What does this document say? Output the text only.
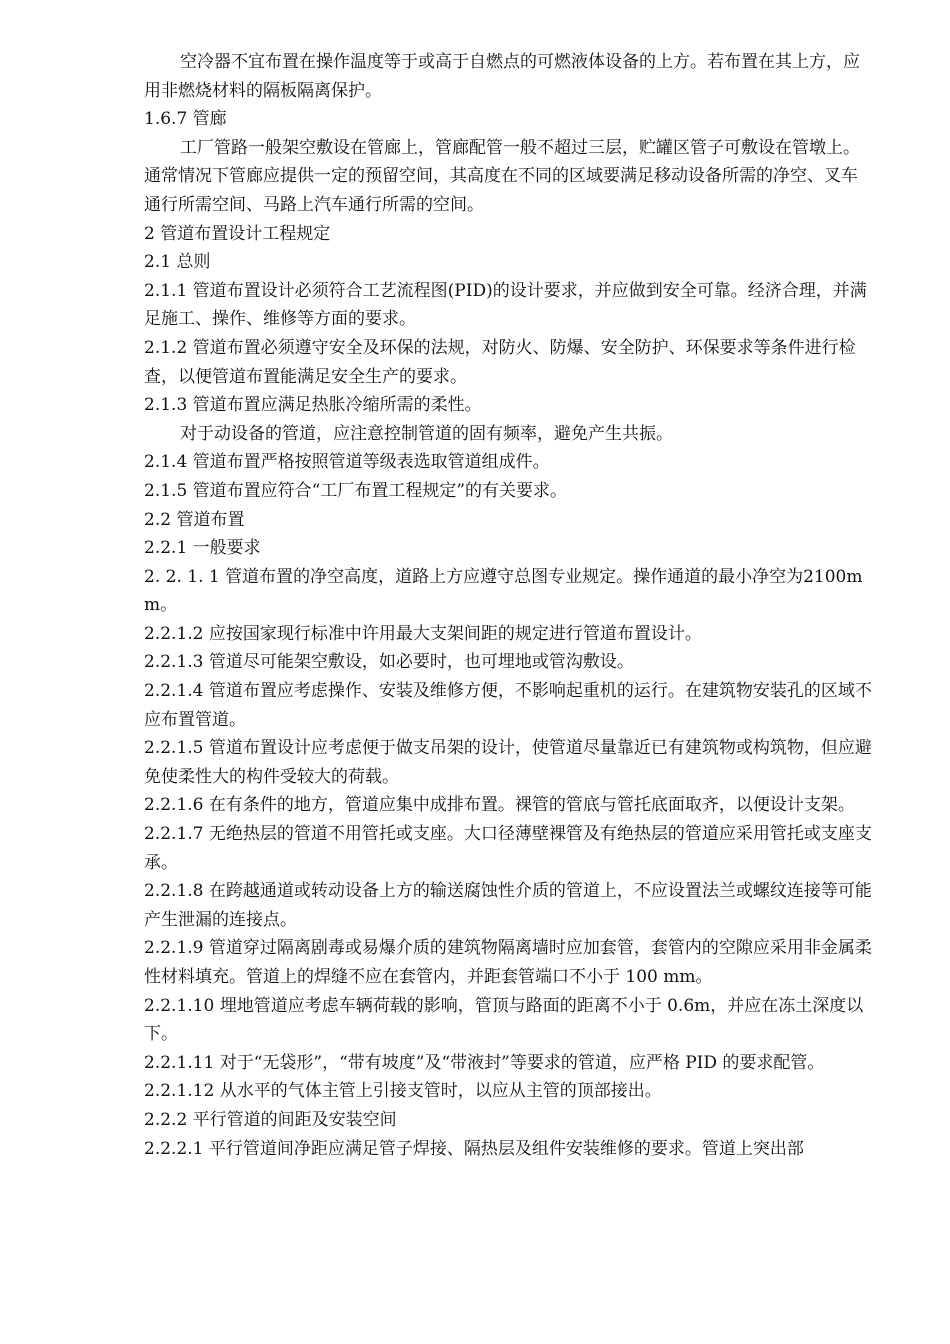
空冷器不宜布置在操作温度等于或高于自燃点的可燃液体设备的上方。若布置在其上方，应用非燃烧材料的隔板隔离保护。

1.6.7 管廊

工厂管路一般架空敷设在管廊上，管廊配管一般不超过三层，贮罐区管子可敷设在管墩上。通常情况下管廊应提供一定的预留空间，其高度在不同的区域要满足移动设备所需的净空、叉车通行所需空间、马路上汽车通行所需的空间。

2 管道布置设计工程规定

2.1 总则

2.1.1 管道布置设计必须符合工艺流程图(PID)的设计要求，并应做到安全可靠。经济合理，并满足施工、操作、维修等方面的要求。

2.1.2 管道布置必须遵守安全及环保的法规，对防火、防爆、安全防护、环保要求等条件进行检查，以便管道布置能满足安全生产的要求。

2.1.3 管道布置应满足热胀冷缩所需的柔性。

对于动设备的管道，应注意控制管道的固有频率，避免产生共振。

2.1.4 管道布置严格按照管道等级表选取管道组成件。

2.1.5 管道布置应符合“工厂布置工程规定”的有关要求。

2.2 管道布置

2.2.1 一般要求

2. 2. 1. 1 管道布置的净空高度，道路上方应遵守总图专业规定。操作通道的最小净空为2100mm。

2.2.1.2 应按国家现行标准中许用最大支架间距的规定进行管道布置设计。

2.2.1.3 管道尽可能架空敷设，如必要时，也可埋地或管沟敷设。

2.2.1.4 管道布置应考虑操作、安装及维修方便，不影响起重机的运行。在建筑物安装孔的区域不应布置管道。

2.2.1.5 管道布置设计应考虑便于做支吊架的设计，使管道尽量靠近已有建筑物或构筑物，但应避免使柔性大的构件受较大的荷载。

2.2.1.6 在有条件的地方，管道应集中成排布置。裸管的管底与管托底面取齐，以便设计支架。

2.2.1.7 无绝热层的管道不用管托或支座。大口径薄壁裸管及有绝热层的管道应采用管托或支座支承。

2.2.1.8 在跨越通道或转动设备上方的输送腐蚀性介质的管道上，不应设置法兰或螺纹连接等可能产生泄漏的连接点。

2.2.1.9 管道穿过隔离剧毒或易爆介质的建筑物隔离墙时应加套管，套管内的空隙应采用非金属柔性材料填充。管道上的焊缝不应在套管内，并距套管端口不小于 100 mm。

2.2.1.10 埋地管道应考虑车辆荷载的影响，管顶与路面的距离不小于 0.6m，并应在冻土深度以下。

2.2.1.11 对于“无袋形”，“带有坡度”及“带液封”等要求的管道，应严格 PID 的要求配管。

2.2.1.12 从水平的气体主管上引接支管时，以应从主管的顶部接出。

2.2.2 平行管道的间距及安装空间

2.2.2.1 平行管道间净距应满足管子焊接、隔热层及组件安装维修的要求。管道上突出部
